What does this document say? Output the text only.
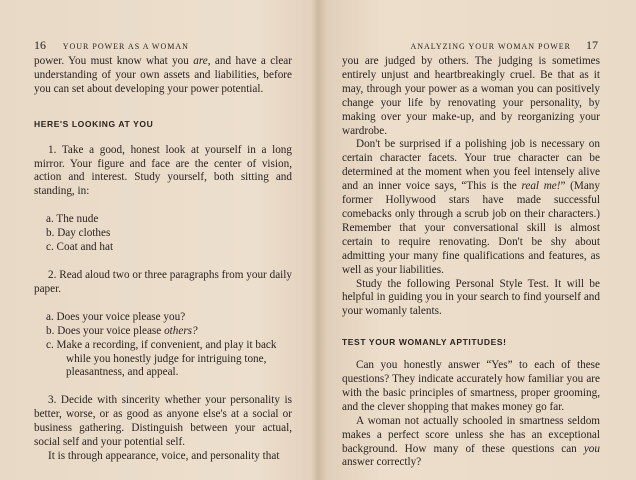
16 YOUR POWER AS A WOMAN

power. You must know what you are, and have a clear understanding of your own assets and liabilities, before you can set about developing your power potential.

HERE'S LOOKING AT YOU

1. Take a good, honest look at yourself in a long mirror. Your figure and face are the center of vision, action and interest. Study yourself, both sitting and standing, in:

a. The nude
b. Day clothes
c. Coat and hat

2. Read aloud two or three paragraphs from your daily paper.

a. Does your voice please you?
b. Does your voice please others?
c. Make a recording, if convenient, and play it back while you honestly judge for intriguing tone, pleasantness, and appeal.

3. Decide with sincerity whether your personality is better, worse, or as good as anyone else's at a social or business gathering. Distinguish between your actual, social self and your potential self.

It is through appearance, voice, and personality that

ANALYZING YOUR WOMAN POWER 17

you are judged by others. The judging is sometimes entirely unjust and heartbreakingly cruel. Be that as it may, through your power as a woman you can positively change your life by renovating your personality, by making over your make-up, and by reorganizing your wardrobe.

Don't be surprised if a polishing job is necessary on certain character facets. Your true character can be determined at the moment when you feel intensely alive and an inner voice says, “This is the real me!” (Many former Hollywood stars have made successful comebacks only through a scrub job on their characters.) Remember that your conversational skill is almost certain to require renovating. Don't be shy about admitting your many fine qualifications and features, as well as your liabilities.

Study the following Personal Style Test. It will be helpful in guiding you in your search to find yourself and your womanly talents.

TEST YOUR WOMANLY APTITUDES!

Can you honestly answer “Yes” to each of these questions? They indicate accurately how familiar you are with the basic principles of smartness, proper grooming, and the clever shopping that makes money go far.

A woman not actually schooled in smartness seldom makes a perfect score unless she has an exceptional background. How many of these questions can you answer correctly?
